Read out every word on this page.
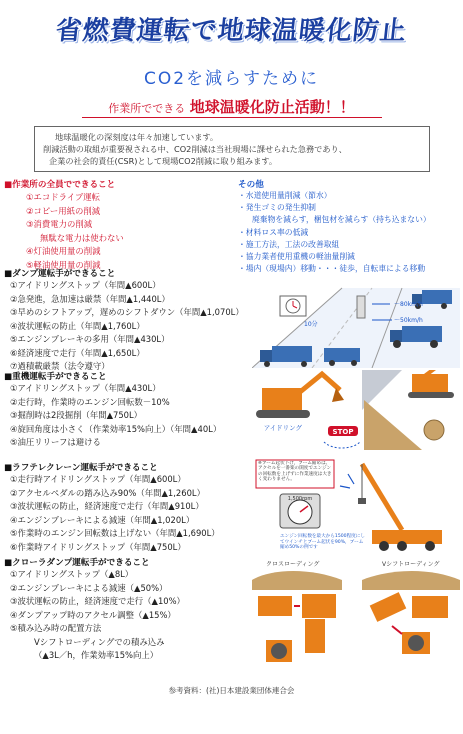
省燃費運転で地球温暖化防止
CO2を減らすために
作業所でできる 地球温暖化防止活動！！
地球温暖化の深刻度は年々加速しています。
削減活動の取組が重要視される中、CO2削減は当社現場に課せられた急務であり、
企業の社会的責任(CSR)として現場CO2削減に取り組みます。
■作業所の全員でできること
①エコドライブ運転
②コピー用紙の削減
③消費電力の削減
無駄な電力は使わない
④灯油使用量の削減
⑤軽油使用量の削減
その他
・水道使用量削減（節水）
・発生ゴミの発生抑制
廃棄物を減らす，梱包材を減らす（持ち込まない）
・材料ロス率の低減
・施工方法，工法の改善取組
・協力業者使用重機の軽油量削減
・場内（現場内）移動・・・徒歩，自転車による移動
■ダンプ運転手ができること
①アイドリングストップ（年間▲600L）
②急発進，急加速は厳禁（年間▲1,440L）
③早めのシフトアップ，遅めのシフトダウン（年間▲1,070L）
④波状運転の防止（年間▲1,760L）
⑤エンジンブレーキの多用（年間▲430L）
⑥経済速度で走行（年間▲1,650L）
⑦過積載厳禁（法令遵守）
■重機運転手ができること
①アイドリングストップ（年間▲430L）
②走行時，作業時のエンジン回転数－10%
③掘削時は2段掘削（年間▲750L）
④旋回角度は小さく（作業効率15%向上）（年間▲40L）
⑤油圧リリーフは避ける
■ラフテレクレーン運転手ができること
①走行時アイドリングストップ（年間▲600L）
②アクセルペダルの踏み込み90%（年間▲1,260L）
③波状運転の防止，経済速度で走行（年間▲910L）
④エンジンブレーキによる減速（年間▲1,020L）
⑤作業時のエンジン回転数は上げない（年間▲1,690L）
⑥作業時アイドリングストップ（年間▲750L）
■クローラダンプ運転手ができること
①アイドリングストップ（▲8L）
②エンジンブレーキによる減速（▲50%）
③波状運転の防止，経済速度で走行（▲10%）
④ダンプアップ時のアクセル調整（▲15%）
⑤積み込み時の配置方法
Vシフトローディングでの積み込み
（▲3L／h，作業効率15%向上）
10分
～80km/h
～50km/h
STOP
アイドリング
※ブーム起伏下げ，ブーム縮めは、アクセルを一番楽の開度でエンジンの回転数を上げずに作業速度は大きく変わりません。
1,500rpm
エンジン回転数を最大から1500程度にしてウインチとブーム起伏を90%，ブーム縮め50%の例です
クロスローディング	Vシフトローディング
参考資料：(社)日本建設業団体連合会
